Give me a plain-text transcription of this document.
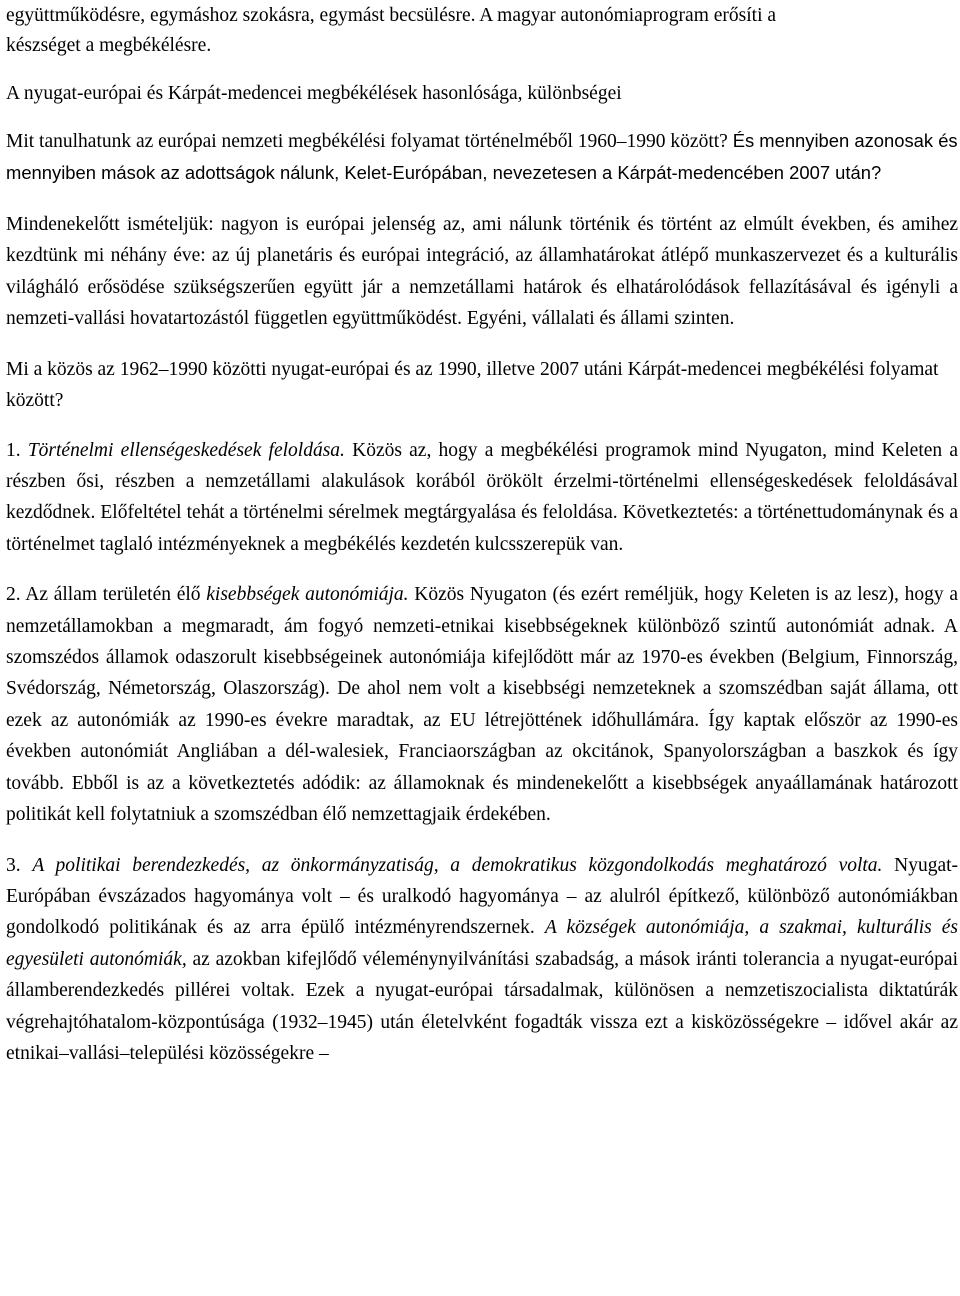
együttműködésre, egymáshoz szokásra, egymást becsülésre. A magyar autonómiaprogram erősíti a
készséget a megbékélésre.

A nyugat-európai és Kárpát-medencei megbékélések hasonlósága, különbségei

Mit tanulhatunk az európai nemzeti megbékélési folyamat történelméből 1960–1990 között? És mennyiben azonosak és mennyiben mások az adottságok nálunk, Kelet-Európában, nevezetesen a Kárpát-medencében 2007 után?

Mindenekelőtt ismételjük: nagyon is európai jelenség az, ami nálunk történik és történt az elmúlt években, és amihez kezdtünk mi néhány éve: az új planetáris és európai integráció, az államhatárokat átlépő munkaszervezet és a kulturális világháló erősödése szükségszerűen együtt jár a nemzetállami határok és elhatárolódások fellazításával és igényli a nemzeti-vallási hovatartozástól független együttműködést. Egyéni, vállalati és állami szinten.

Mi a közös az 1962–1990 közötti nyugat-európai és az 1990, illetve 2007 utáni Kárpát-medencei megbékélési folyamat között?

1. Történelmi ellenségeskedések feloldása. Közös az, hogy a megbékélési programok mind Nyugaton, mind Keleten a részben ősi, részben a nemzetállami alakulások korából örökölt érzelmi-történelmi ellenségeskedések feloldásával kezdődnek. Előfeltétel tehát a történelmi sérelmek megtárgyalása és feloldása. Következtetés: a történettudománynak és a történelmet taglaló intézményeknek a megbékélés kezdetén kulcsszerepük van.

2. Az állam területén élő kisebbségek autonómiája. Közös Nyugaton (és ezért reméljük, hogy Keleten is az lesz), hogy a nemzetállamokban a megmaradt, ám fogyó nemzeti-etnikai kisebbségeknek különböző szintű autonómiát adnak. A szomszédos államok odaszorult kisebbségeinek autonómiája kifejlődött már az 1970-es években (Belgium, Finnország, Svédország, Németország, Olaszország). De ahol nem volt a kisebbségi nemzeteknek a szomszédban saját állama, ott ezek az autonómiák az 1990-es évekre maradtak, az EU létrejöttének időhullámára. Így kaptak először az 1990-es években autonómiát Angliában a dél-walesiek, Franciaországban az okcitánok, Spanyolországban a baszkok és így tovább. Ebből is az a következtetés adódik: az államoknak és mindenekelőtt a kisebbségek anyaállamának határozott politikát kell folytatniuk a szomszédban élő nemzettagjaik érdekében.

3. A politikai berendezkedés, az önkormányzatiság, a demokratikus közgondolkodás meghatározó volta. Nyugat-Európában évszázados hagyománya volt – és uralkodó hagyománya – az alulról építkező, különböző autonómiákban gondolkodó politikának és az arra épülő intézményrendszernek. A községek autonómiája, a szakmai, kulturális és egyesületi autonómiák, az azokban kifejlődő véleménynyilvánítási szabadság, a mások iránti tolerancia a nyugat-európai államberendezkedés pillérei voltak. Ezek a nyugat-európai társadalmak, különösen a nemzetiszocialista diktatúrák végrehajtóhatalom-központúsága (1932–1945) után életelvként fogadták vissza ezt a kisközösségekre – idővel akár az etnikai–vallási–települési közösségekre –
